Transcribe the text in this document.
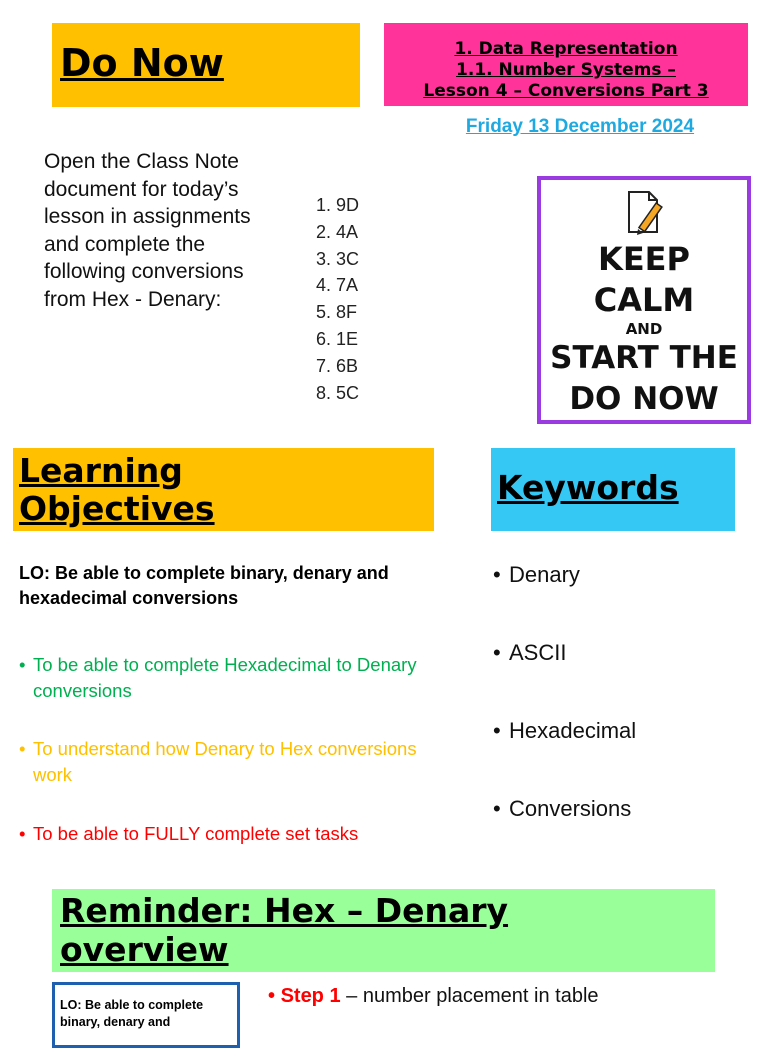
Do Now	1. Data Representation
1.1. Number Systems –
Lesson 4 – Conversions Part 3
Friday 13 December 2024
Open the Class Note document for today’s lesson in assignments and complete the following conversions from Hex - Denary:
1. 9D
2. 4A
3. 3C
4. 7A
5. 8F
6. 1E
7. 6B
8. 5C
KEEP
CALM
AND
START THE
DO NOW
Learning
Objectives
Keywords
LO: Be able to complete binary, denary and hexadecimal conversions
• To be able to complete Hexadecimal to Denary conversions
• To understand how Denary to Hex conversions work
• To be able to FULLY complete set tasks
• Denary
• ASCII
• Hexadecimal
• Conversions
Reminder: Hex – Denary
overview
LO: Be able to complete binary, denary and
• Step 1 – number placement in table
